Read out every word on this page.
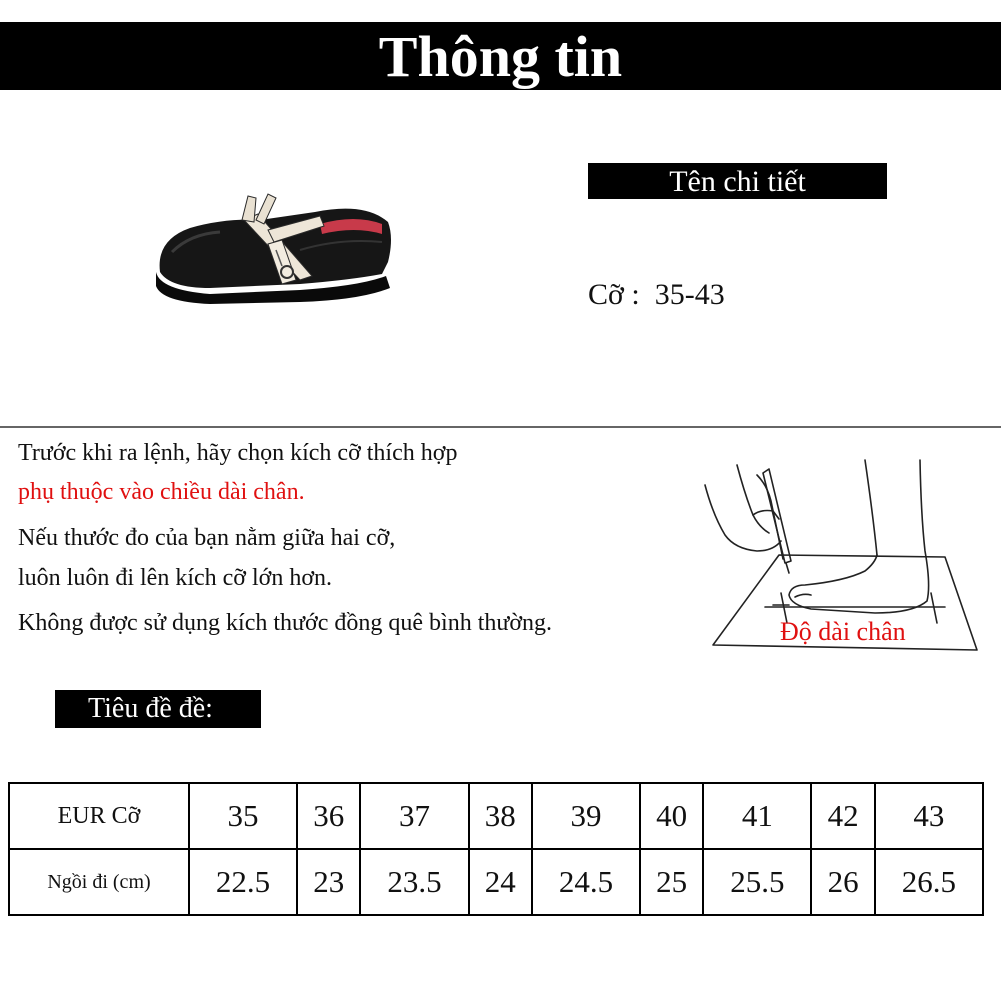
Thông tin
Tên chi tiết
Cỡ : 35-43
Trước khi ra lệnh, hãy chọn kích cỡ thích hợp
phụ thuộc vào chiều dài chân.
Nếu thước đo của bạn nằm giữa hai cỡ,
luôn luôn đi lên kích cỡ lớn hơn.
Không được sử dụng kích thước đồng quê bình thường.	Độ dài chân
Tiêu đề đề:
EUR Cỡ	35	36	37	38	39	40	41	42	43
Ngồi đi (cm)	22.5	23	23.5	24	24.5	25	25.5	26	26.5
